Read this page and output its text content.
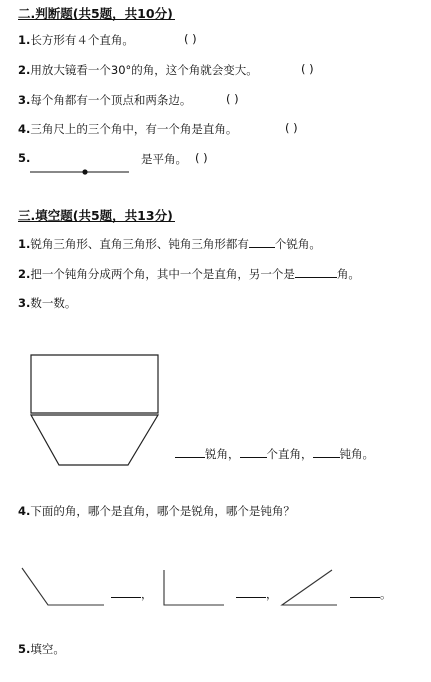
二.判断题(共5题，共10分)
1.长方形有４个直角。	( )
2.用放大镜看一个30°的角，这个角就会变大。	( )
3.每个角都有一个顶点和两条边。	( )
4.三角尺上的三个角中，有一个角是直角。	( )
5.	是平角。 ( )
三.填空题(共5题，共13分)
1.锐角三角形、直角三角形、钝角三角形都有 个锐角。
2.把一个钝角分成两个角，其中一个是直角，另一个是	角。
3.数一数。
锐角， 个直角， 钝角。
4.下面的角，哪个是直角，哪个是锐角，哪个是钝角？
，	，	。
5.填空。
